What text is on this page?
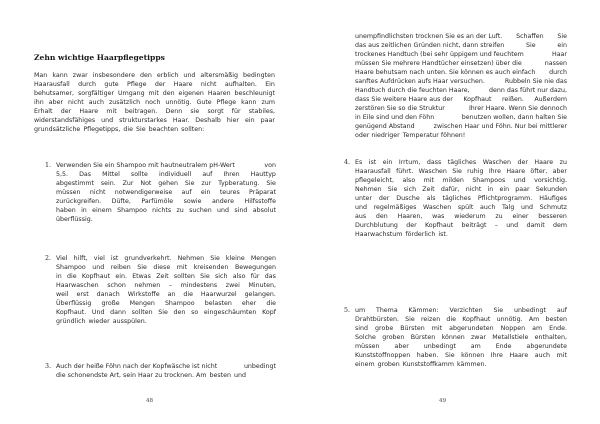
Zehn wichtige Haarpflegetipps
48
Man kann zwar insbesondere den erblich und altersmäßig bedingten
Haarausfall durch gute Pflege der Haare nicht aufhalten. Ein
behutsamer, sorgfältiger Umgang mit den eigenen Haaren beschleunigt
ihn aber nicht auch zusätzlich noch unnötig. Gute Pflege kann zum
Erhalt der Haare mit beitragen. Denn sie sorgt für stabiles,
widerstandsfähiges und strukturstarkes Haar. Deshalb hier ein paar
grundsätzliche Pflegetipps, die Sie beachten sollten:
1. Verwenden Sie ein Shampoo mit hautneutralem pH-Wert	von
5,5. Das Mittel sollte individuell auf Ihren Hauttyp
abgestimmt sein. Zur Not gehen Sie zur Typberatung. Sie
müssen nicht notwendigerweise auf ein teures Präparat
zurückgreifen. Düfte, Parfümöle sowie andere Hilfsstoffe
haben in einem Shampoo nichts zu suchen und sind absolut
überflüssig.
2. Viel hilft, viel ist grundverkehrt. Nehmen Sie kleine Mengen
Shampoo und reiben Sie diese mit kreisenden Bewegungen
in die Kopfhaut ein. Etwas Zeit sollten Sie sich also für das
Haarwaschen schon nehmen – mindestens zwei Minuten,
weil erst danach Wirkstoffe an die Haarwurzel gelangen.
Überflüssig große Mengen Shampoo belasten eher die
Kopfhaut. Und dann sollten Sie den so eingeschäumten Kopf
gründlich wieder ausspülen.
3. Auch der heiße Föhn nach der Kopfwäsche ist nicht	unbedingt
die schonendste Art, sein Haar zu trocknen. Am besten und
49
unempfindlichsten trocknen Sie es an der Luft. Schaffen Sie
das aus zeitlichen Gründen nicht, dann streifen	Sie	ein
trockenes Handtuch (bei sehr üppigem und feuchtem	Haar
müssen Sie mehrere Handtücher einsetzen) über die	nassen
Haare behutsam nach unten. Sie können es auch einfach durch
sanftes Aufdrücken aufs Haar versuchen.	Rubbeln Sie nie das
Handtuch durch die feuchten Haare,	denn das führt nur dazu,
dass Sie weitere Haare aus der Kopfhaut reißen. Außerdem
zerstören Sie so die Struktur	Ihrer Haare. Wenn Sie dennoch
in Eile sind und den Föhn	benutzen wollen, dann halten Sie
genügend Abstand	zwischen Haar und Föhn. Nur bei mittlerer
oder niedriger Temperatur föhnen!
4. Es ist ein Irrtum, dass tägliches Waschen der Haare zu
Haarausfall führt. Waschen Sie ruhig Ihre Haare öfter, aber
pflegeleicht, also mit milden Shampoos und vorsichtig.
Nehmen Sie sich Zeit dafür, nicht in ein paar Sekunden
unter der Dusche als tägliches Pflichtprogramm. Häufiges
und regelmäßiges Waschen spült auch Talg und Schmutz
aus den Haaren, was wiederum zu einer besseren
Durchblutung der Kopfhaut beiträgt – und damit dem
Haarwachstum förderlich ist.
5. um Thema Kämmen: Verzichten Sie unbedingt auf
Drahtbürsten. Sie reizen die Kopfhaut unnötig. Am besten
sind grobe Bürsten mit abgerundeten Noppen am Ende.
Solche groben Bürsten können zwar Metallstiele enthalten,
müssen aber unbedingt am Ende abgerundete
Kunststoffnoppen haben. Sie können Ihre Haare auch mit
einem groben Kunststoffkamm kämmen.
